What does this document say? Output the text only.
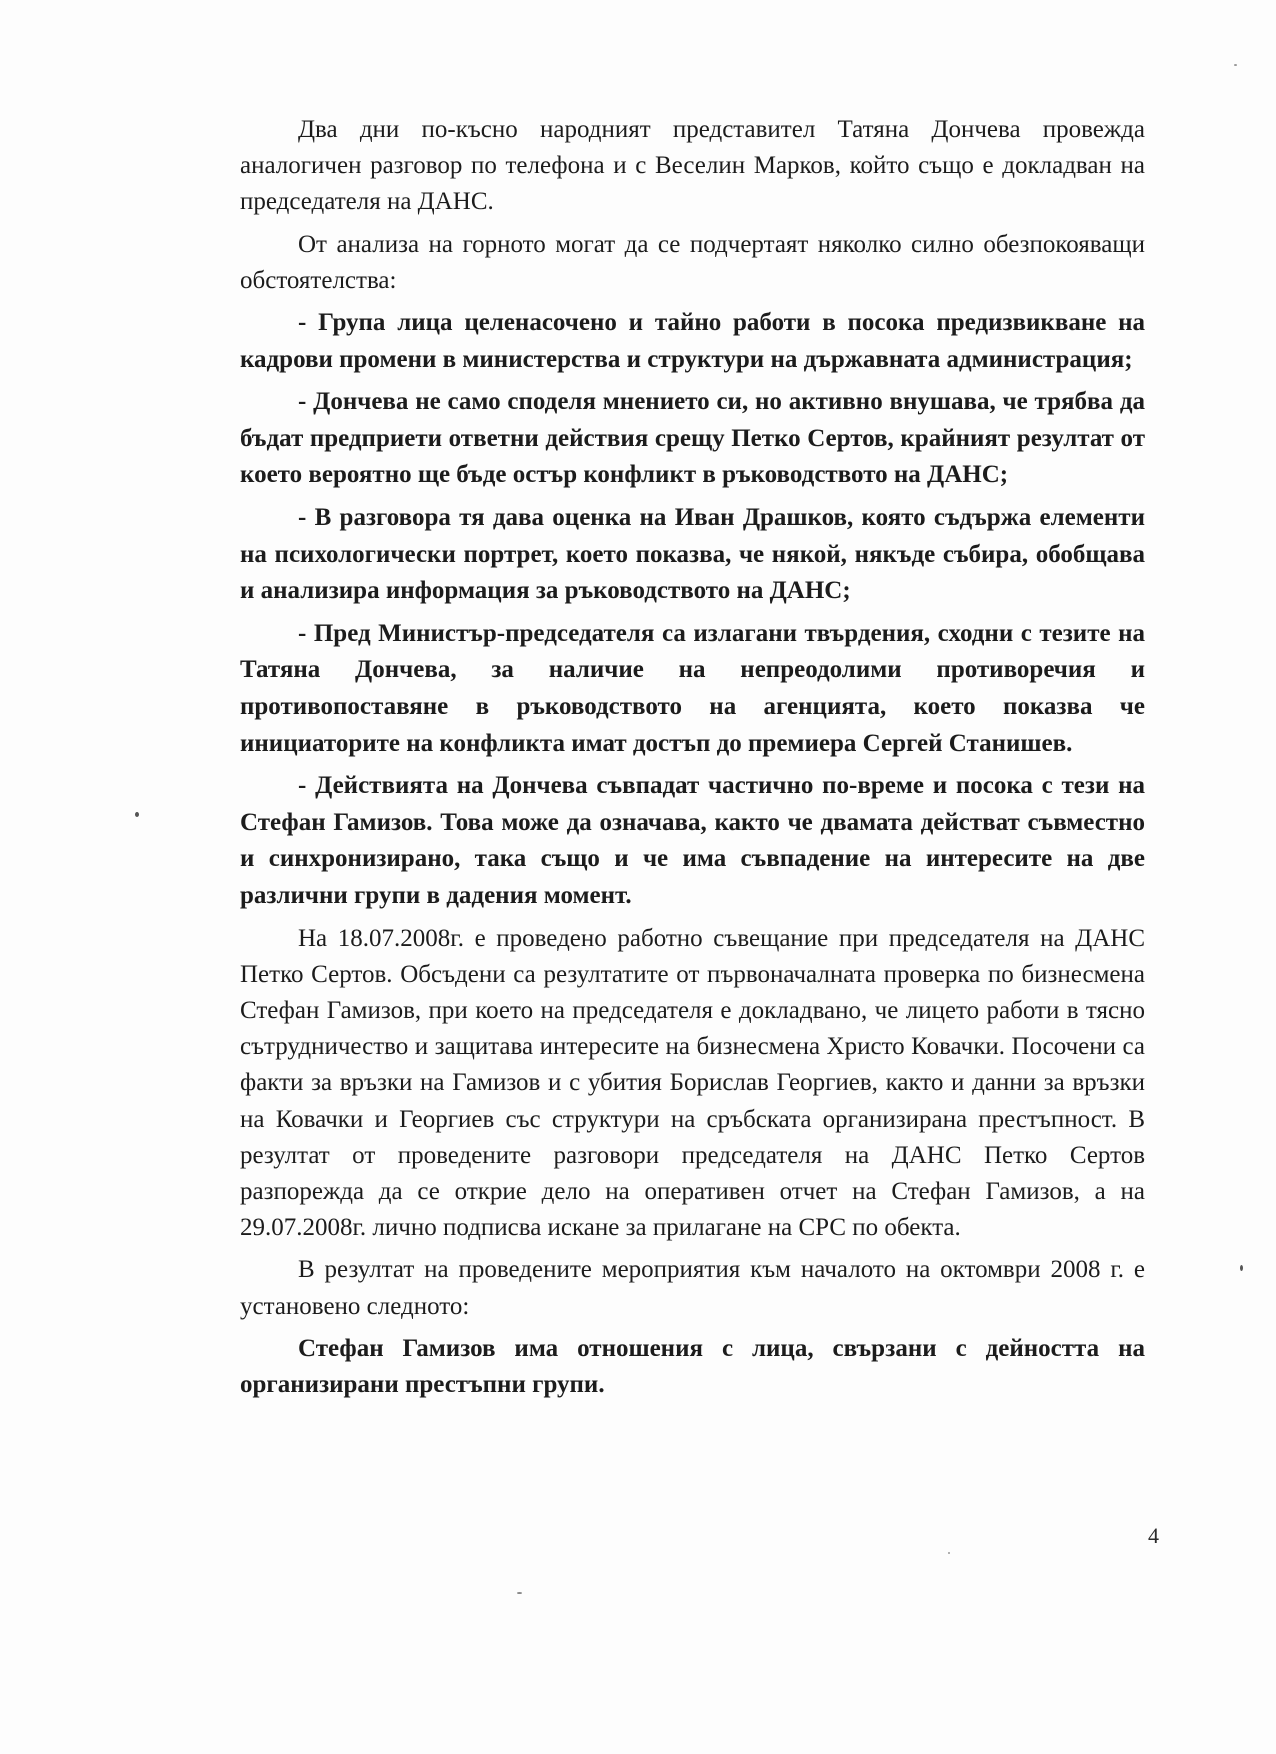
Два дни по-късно народният представител Татяна Дончева провежда аналогичен разговор по телефона и с Веселин Марков, който също е докладван на председателя на ДАНС.

От анализа на горното могат да се подчертаят няколко силно обезпокояващи обстоятелства:

- Група лица целенасочено и тайно работи в посока предизвикване на кадрови промени в министерства и структури на държавната администрация;

- Дончева не само споделя мнението си, но активно внушава, че трябва да бъдат предприети ответни действия срещу Петко Сертов, крайният резултат от което вероятно ще бъде остър конфликт в ръководството на ДАНС;

- В разговора тя дава оценка на Иван Драшков, която съдържа елементи на психологически портрет, което показва, че някой, някъде събира, обобщава и анализира информация за ръководството на ДАНС;

- Пред Министър-председателя са излагани твърдения, сходни с тезите на Татяна Дончева, за наличие на непреодолими противоречия и противопоставяне в ръководството на агенцията, което показва че инициаторите на конфликта имат достъп до премиера Сергей Станишев.

- Действията на Дончева съвпадат частично по-време и посока с тези на Стефан Гамизов. Това може да означава, както че двамата действат съвместно и синхронизирано, така също и че има съвпадение на интересите на две различни групи в дадения момент.

На 18.07.2008г. е проведено работно съвещание при председателя на ДАНС Петко Сертов. Обсъдени са резултатите от първоначалната проверка по бизнесмена Стефан Гамизов, при което на председателя е докладвано, че лицето работи в тясно сътрудничество и защитава интересите на бизнесмена Христо Ковачки. Посочени са факти за връзки на Гамизов и с убития Борислав Георгиев, както и данни за връзки на Ковачки и Георгиев със структури на сръбската организирана престъпност. В резултат от проведените разговори председателя на ДАНС Петко Сертов разпорежда да се открие дело на оперативен отчет на Стефан Гамизов, а на 29.07.2008г. лично подписва искане за прилагане на СРС по обекта.

В резултат на проведените мероприятия към началото на октомври 2008 г. е установено следното:

Стефан Гамизов има отношения с лица, свързани с дейността на организирани престъпни групи.

4
